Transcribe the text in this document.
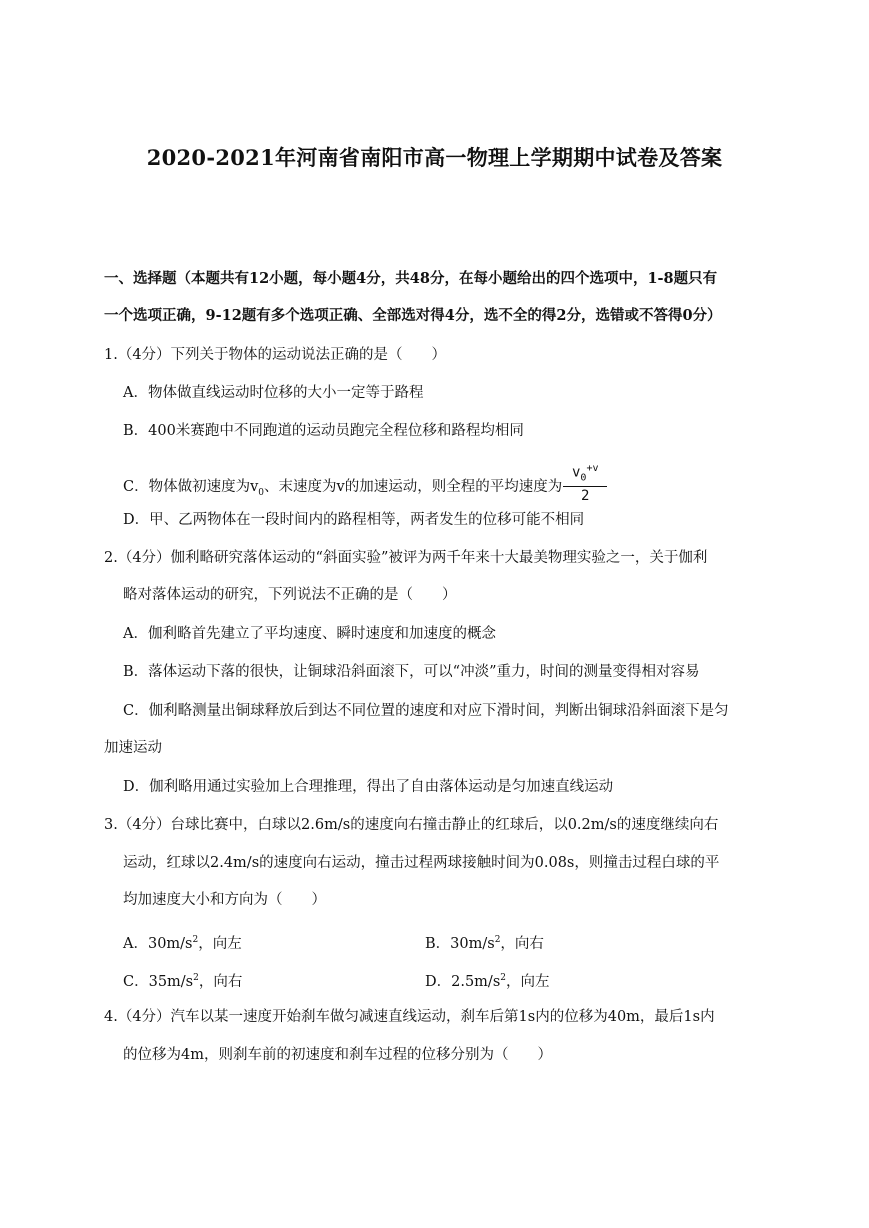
2020-2021年河南省南阳市高一物理上学期期中试卷及答案
一、选择题（本题共有12小题，每小题4分，共48分，在每小题给出的四个选项中，1-8题只有
一个选项正确，9-12题有多个选项正确、全部选对得4分，选不全的得2分，选错或不答得0分）
1.（4分）下列关于物体的运动说法正确的是（　　）
A．物体做直线运动时位移的大小一定等于路程
B．400米赛跑中不同跑道的运动员跑完全程位移和路程均相同
C．物体做初速度为$v_0$、末速度为v的加速运动，则全程的平均速度为 $\frac{v_0^{+v}}{2}$
D．甲、乙两物体在一段时间内的路程相等，两者发生的位移可能不相同
2.（4分）伽利略研究落体运动的“斜面实验”被评为两千年来十大最美物理实验之一，关于伽利
略对落体运动的研究，下列说法不正确的是（　　）
A．伽利略首先建立了平均速度、瞬时速度和加速度的概念
B．落体运动下落的很快，让铜球沿斜面滚下，可以“冲淡”重力，时间的测量变得相对容易
C．伽利略测量出铜球释放后到达不同位置的速度和对应下滑时间，判断出铜球沿斜面滚下是匀
加速运动
D．伽利略用通过实验加上合理推理，得出了自由落体运动是匀加速直线运动
3.（4分）台球比赛中，白球以2.6m/s的速度向右撞击静止的红球后，以0.2m/s的速度继续向右
运动，红球以2.4m/s的速度向右运动，撞击过程两球接触时间为0.08s，则撞击过程白球的平
均加速度大小和方向为（　　）
A．$30m/s^2$，向左	B．$30m/s^2$，向右
C．$35m/s^2$，向右	D．$2.5m/s^2$，向左
4.（4分）汽车以某一速度开始刹车做匀减速直线运动，刹车后第1s内的位移为40m，最后1s内
的位移为4m，则刹车前的初速度和刹车过程的位移分别为（　　）
